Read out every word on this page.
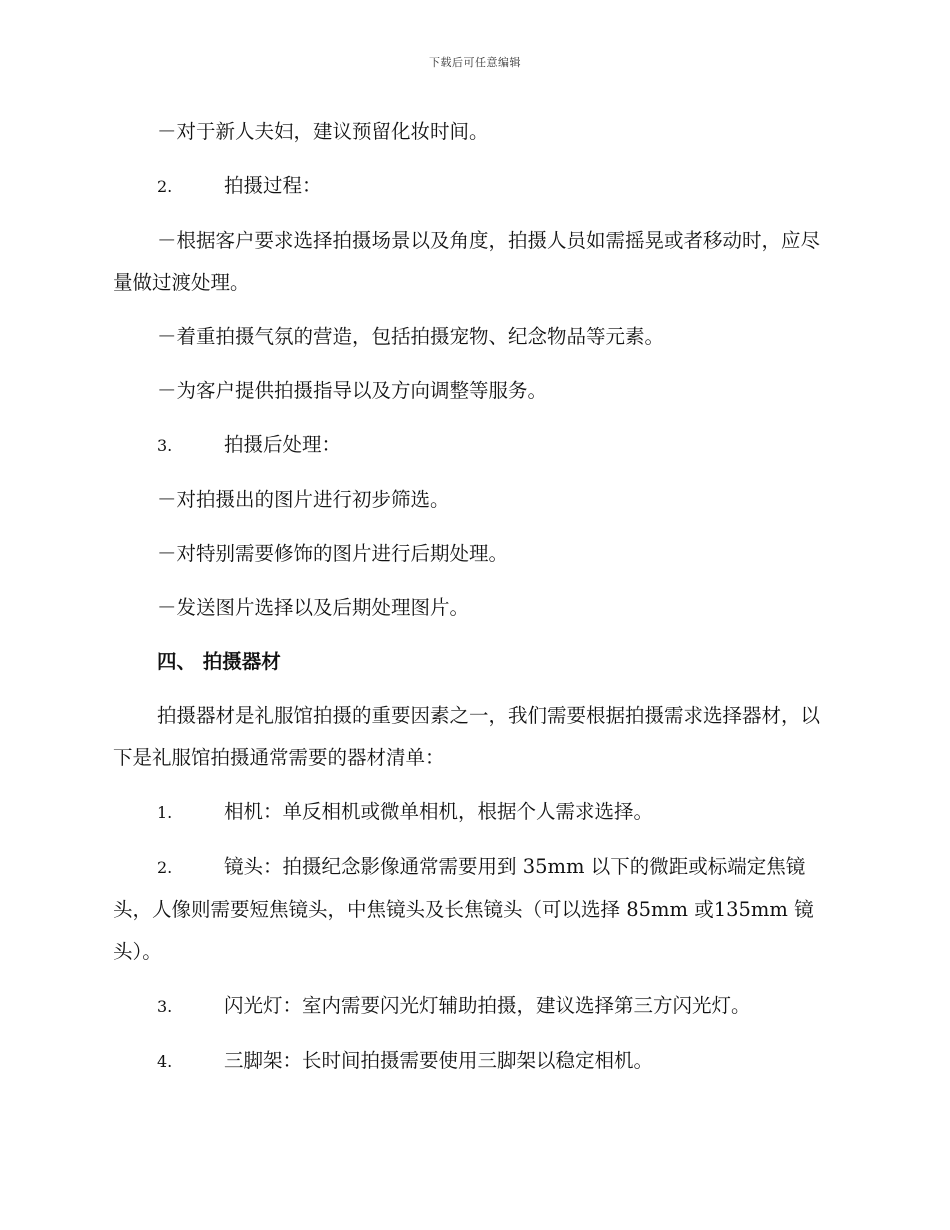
下载后可任意编辑

－对于新人夫妇，建议预留化妆时间。

2.	拍摄过程：

－根据客户要求选择拍摄场景以及角度，拍摄人员如需摇晃或者移动时，应尽量做过渡处理。

－着重拍摄气氛的营造，包括拍摄宠物、纪念物品等元素。

－为客户提供拍摄指导以及方向调整等服务。

3.	拍摄后处理：

－对拍摄出的图片进行初步筛选。

－对特别需要修饰的图片进行后期处理。

－发送图片选择以及后期处理图片。

四、 拍摄器材

拍摄器材是礼服馆拍摄的重要因素之一，我们需要根据拍摄需求选择器材，以下是礼服馆拍摄通常需要的器材清单：

1.	相机：单反相机或微单相机，根据个人需求选择。

2.	镜头：拍摄纪念影像通常需要用到 35mm 以下的微距或标端定焦镜头，人像则需要短焦镜头，中焦镜头及长焦镜头（可以选择 85mm 或135mm 镜头）。

3.	闪光灯：室内需要闪光灯辅助拍摄，建议选择第三方闪光灯。

4.	三脚架：长时间拍摄需要使用三脚架以稳定相机。
